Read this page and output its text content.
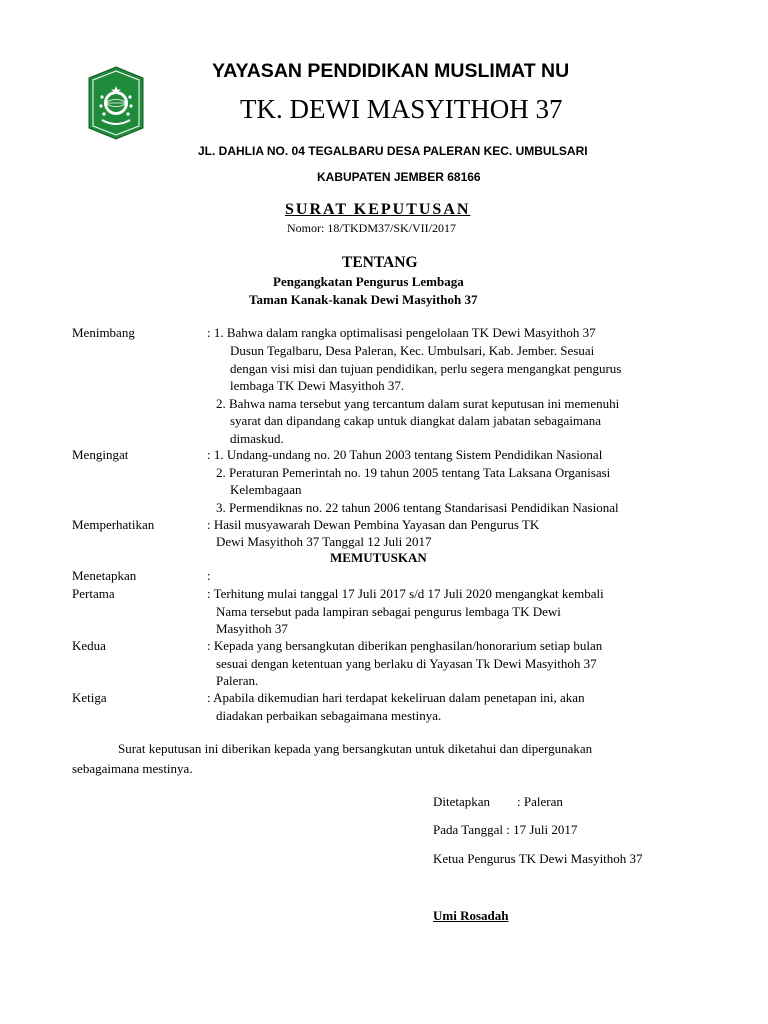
YAYASAN PENDIDIKAN MUSLIMAT NU
TK. DEWI MASYITHOH 37
JL. DAHLIA NO. 04 TEGALBARU DESA PALERAN KEC. UMBULSARI
KABUPATEN JEMBER 68166
SURAT KEPUTUSAN
Nomor: 18/TKDM37/SK/VII/2017
TENTANG
Pengangkatan Pengurus Lembaga
Taman Kanak-kanak Dewi Masyithoh 37
Menimbang	: 1. Bahwa dalam rangka optimalisasi pengelolaan TK Dewi Masyithoh 37
Dusun Tegalbaru, Desa Paleran, Kec. Umbulsari, Kab. Jember. Sesuai
dengan visi misi dan tujuan pendidikan, perlu segera mengangkat pengurus
lembaga TK Dewi Masyithoh 37.
2. Bahwa nama tersebut yang tercantum dalam surat keputusan ini memenuhi
syarat dan dipandang cakap untuk diangkat dalam jabatan sebagaimana
dimaskud.
Mengingat	: 1. Undang-undang no. 20 Tahun 2003 tentang Sistem Pendidikan Nasional
2. Peraturan Pemerintah no. 19 tahun 2005 tentang Tata Laksana Organisasi
Kelembagaan
3. Permendiknas no. 22 tahun 2006 tentang Standarisasi Pendidikan Nasional
Memperhatikan	: Hasil musyawarah Dewan Pembina Yayasan dan Pengurus TK
Dewi Masyithoh 37 Tanggal 12 Juli 2017
MEMUTUSKAN
Menetapkan	:
Pertama	: Terhitung mulai tanggal 17 Juli 2017 s/d 17 Juli 2020 mengangkat kembali
Nama tersebut pada lampiran sebagai pengurus lembaga TK Dewi
Masyithoh 37
Kedua	: Kepada yang bersangkutan diberikan penghasilan/honorarium setiap bulan
sesuai dengan ketentuan yang berlaku di Yayasan Tk Dewi Masyithoh 37
Paleran.
Ketiga	: Apabila dikemudian hari terdapat kekeliruan dalam penetapan ini, akan
diadakan perbaikan sebagaimana mestinya.
Surat keputusan ini diberikan kepada yang bersangkutan untuk diketahui dan dipergunakan
sebagaimana mestinya.
Ditetapkan : Paleran
Pada Tanggal : 17 Juli 2017
Ketua Pengurus TK Dewi Masyithoh 37
Umi Rosadah
